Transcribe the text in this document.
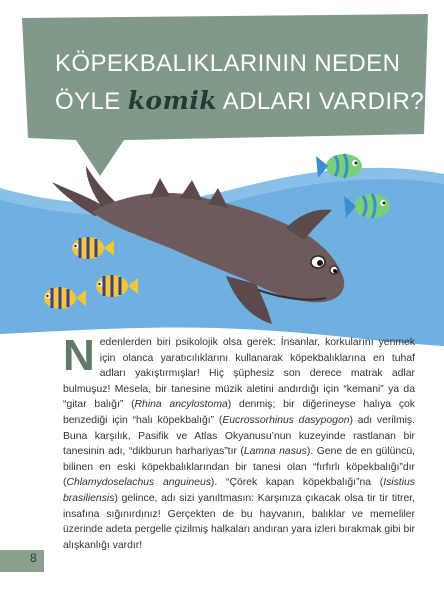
KÖPEKBALIKLARININ NEDEN
ÖYLE komik ADLARI VARDIR?
Nedenlerden biri psikolojik olsa gerek: İnsanlar, korkularını yenmek için olanca yaratıcılıklarını kullanarak köpekbalıklarına en tuhaf adları yakıştırmışlar! Hiç şüphesiz son derece matrak adlar bulmuşuz! Mesela, bir tanesine müzik aletini andırdığı için “kemani” ya da “gitar balığı” (Rhina ancylostoma) denmiş; bir diğerineyse halıya çok benzediği için “halı köpekbalığı” (Eucrossorhinus dasypogon) adı verilmiş. Buna karşılık, Pasifik ve Atlas Okyanusu’nun kuzeyinde rastlanan bir tanesinin adı, “dikburun harhariyas”tır (Lamna nasus). Gene de en gülüncü, bilinen en eski köpekbalıklarından bir tanesi olan “fırfırlı köpekbalığı”dır (Chlamydoselachus anguineus). “Çörek kapan köpekbalığı”na (Isistius brasiliensis) gelince, adı sizi yanıltmasın: Karşınıza çıkacak olsa tir tir titrer, insafına sığınırdınız! Gerçekten de bu hayvanın, balıklar ve memeliler üzerinde adeta pergelle çizilmiş halkaları andıran yara izleri bırakmak gibi bir alışkanlığı vardır!
8
